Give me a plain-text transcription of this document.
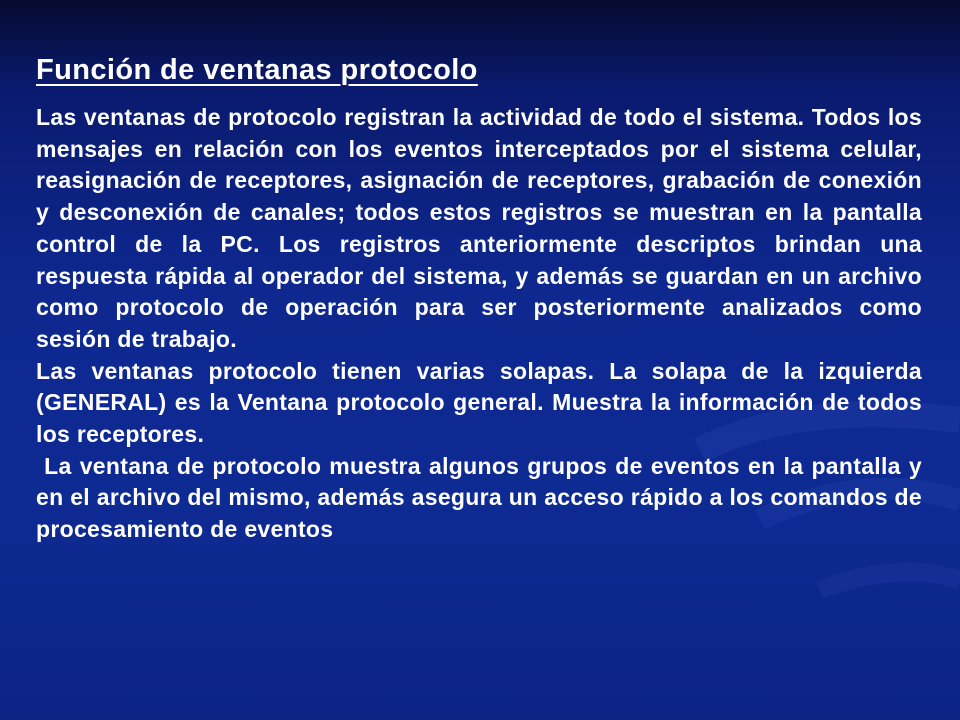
Función de ventanas protocolo

Las ventanas de protocolo registran la actividad de todo el sistema. Todos los mensajes en relación con los eventos interceptados por el sistema celular, reasignación de receptores, asignación de receptores, grabación de conexión y desconexión de canales; todos estos registros se muestran en la pantalla control de la PC. Los registros anteriormente descriptos brindan una respuesta rápida al operador del sistema, y además se guardan en un archivo como protocolo de operación para ser posteriormente analizados como sesión de trabajo.

Las ventanas protocolo tienen varias solapas. La solapa de la izquierda (GENERAL) es la Ventana protocolo general. Muestra la información de todos los receptores.

La ventana de protocolo muestra algunos grupos de eventos en la pantalla y en el archivo del mismo, además asegura un acceso rápido a los comandos de procesamiento de eventos
